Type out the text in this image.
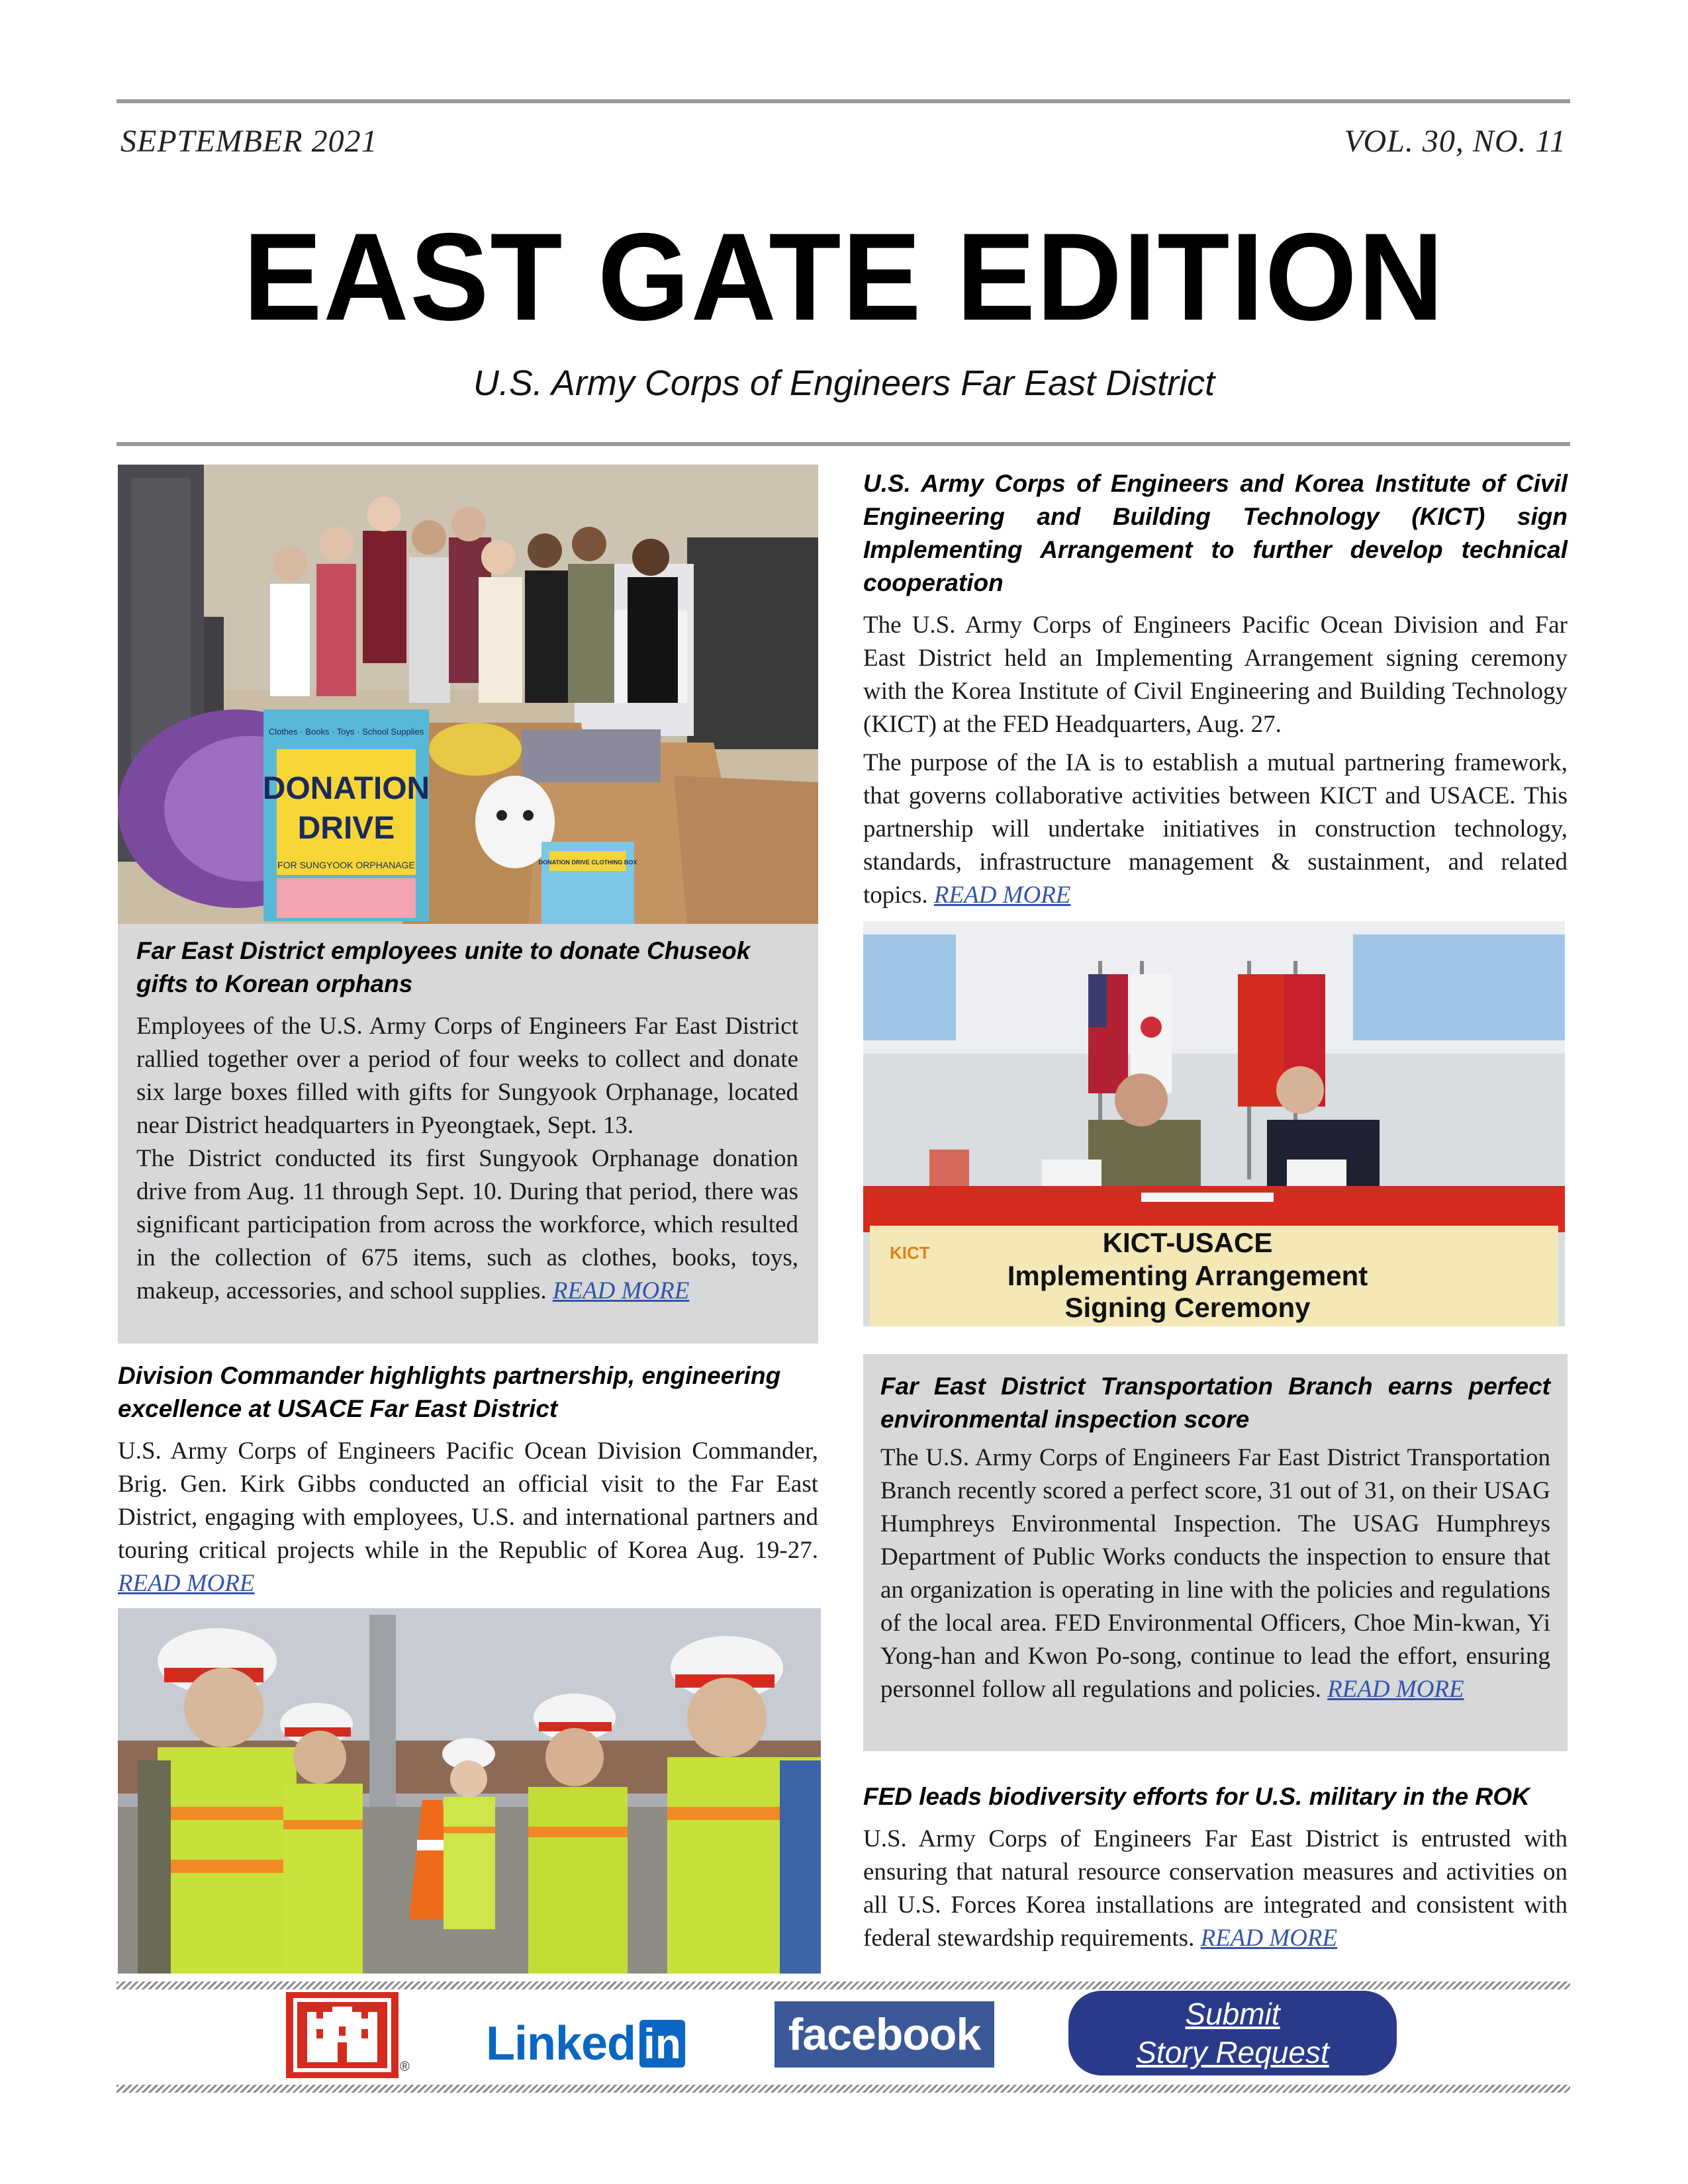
SEPTEMBER 2021	VOL. 30, NO. 11
EAST GATE EDITION
U.S. Army Corps of Engineers Far East District
Clothes · Books · Toys · School Supplies
DONATION
DRIVE
FOR SUNGYOOK ORPHANAGE	DONATION DRIVE CLOTHING BOX
Far East District employees unite to donate Chuseok gifts to Korean orphans

Employees of the U.S. Army Corps of Engineers Far East District rallied together over a period of four weeks to collect and donate six large boxes filled with gifts for Sungyook Orphanage, located near District headquarters in Pyeongtaek, Sept. 13.

The District conducted its first Sungyook Orphanage donation drive from Aug. 11 through Sept. 10. During that period, there was significant participation from across the workforce, which resulted in the collection of 675 items, such as clothes, books, toys, makeup, accessories, and school supplies. READ MORE

Division Commander highlights partnership, engineering excellence at USACE Far East District

U.S. Army Corps of Engineers Pacific Ocean Division Commander, Brig. Gen. Kirk Gibbs conducted an official visit to the Far East District, engaging with employees, U.S. and international partners and touring critical projects while in the Republic of Korea Aug. 19-27. READ MORE

U.S. Army Corps of Engineers and Korea Institute of Civil Engineering and Building Technology (KICT) sign Implementing Arrangement to further develop technical cooperation

The U.S. Army Corps of Engineers Pacific Ocean Division and Far East District held an Implementing Arrangement signing ceremony with the Korea Institute of Civil Engineering and Building Technology (KICT) at the FED Headquarters, Aug. 27.

The purpose of the IA is to establish a mutual partnering framework, that governs collaborative activities between KICT and USACE. This partnership will undertake initiatives in construction technology, standards, infrastructure management & sustainment, and related topics. READ MORE

KICT	KICT-USACE
Implementing Arrangement
Signing Ceremony
Far East District Transportation Branch earns perfect environmental inspection score

The U.S. Army Corps of Engineers Far East District Transportation Branch recently scored a perfect score, 31 out of 31, on their USAG Humphreys Environmental Inspection. The USAG Humphreys Department of Public Works conducts the inspection to ensure that an organization is operating in line with the policies and regulations of the local area. FED Environmental Officers, Choe Min-kwan, Yi Yong-han and Kwon Po-song, continue to lead the effort, ensuring personnel follow all regulations and policies. READ MORE

FED leads biodiversity efforts for U.S. military in the ROK

U.S. Army Corps of Engineers Far East District is entrusted with ensuring that natural resource conservation measures and activities on all U.S. Forces Korea installations are integrated and consistent with federal stewardship requirements. READ MORE

® Linked in facebook	Submit
Story Request
